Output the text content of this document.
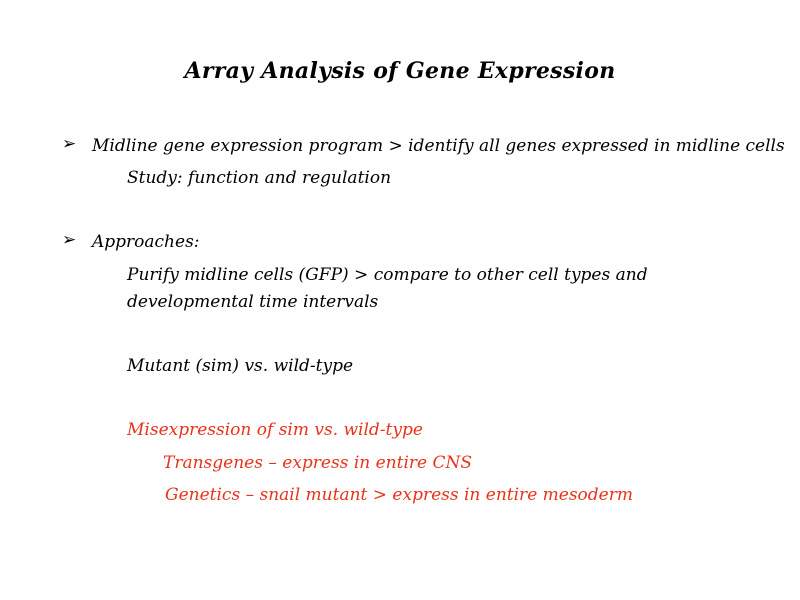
Array Analysis of Gene Expression
➢ Midline gene expression program > identify all genes expressed in midline cells
Study: function and regulation
➢ Approaches:
Purify midline cells (GFP) > compare to other cell types and developmental time intervals
Mutant (sim) vs. wild-type
Misexpression of sim vs. wild-type
Transgenes – express in entire CNS
Genetics – snail mutant > express in entire mesoderm
